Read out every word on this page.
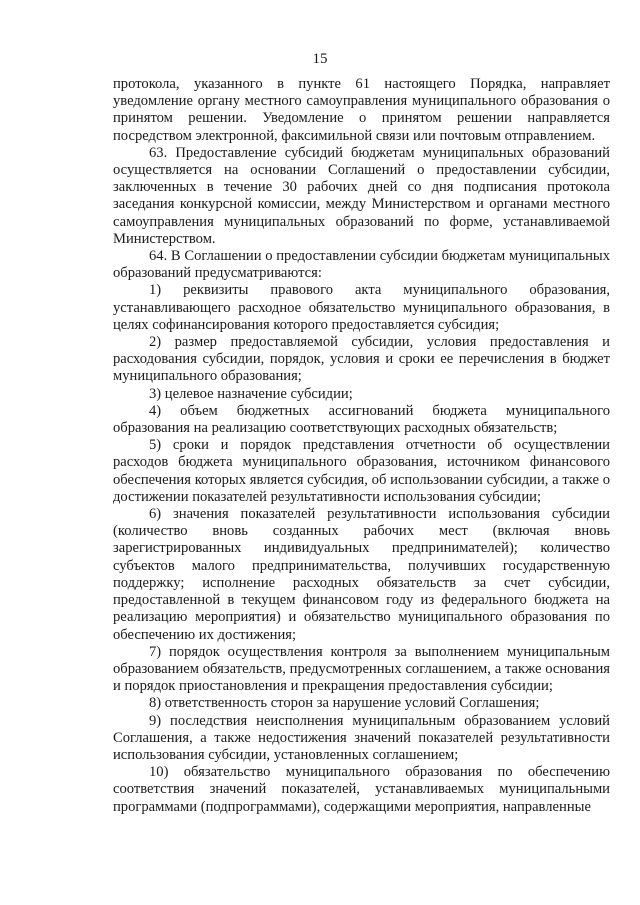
15

протокола, указанного в пункте 61 настоящего Порядка, направляет уведомление органу местного самоуправления муниципального образования о принятом решении. Уведомление о принятом решении направляется посредством электронной, факсимильной связи или почтовым отправлением.

63. Предоставление субсидий бюджетам муниципальных образований осуществляется на основании Соглашений о предоставлении субсидии, заключенных в течение 30 рабочих дней со дня подписания протокола заседания конкурсной комиссии, между Министерством и органами местного самоуправления муниципальных образований по форме, устанавливаемой Министерством.

64. В Соглашении о предоставлении субсидии бюджетам муниципальных образований предусматриваются:

1) реквизиты правового акта муниципального образования, устанавливающего расходное обязательство муниципального образования, в целях софинансирования которого предоставляется субсидия;

2) размер предоставляемой субсидии, условия предоставления и расходования субсидии, порядок, условия и сроки ее перечисления в бюджет муниципального образования;

3) целевое назначение субсидии;

4) объем бюджетных ассигнований бюджета муниципального образования на реализацию соответствующих расходных обязательств;

5) сроки и порядок представления отчетности об осуществлении расходов бюджета муниципального образования, источником финансового обеспечения которых является субсидия, об использовании субсидии, а также о достижении показателей результативности использования субсидии;

6) значения показателей результативности использования субсидии (количество вновь созданных рабочих мест (включая вновь зарегистрированных индивидуальных предпринимателей); количество субъектов малого предпринимательства, получивших государственную поддержку; исполнение расходных обязательств за счет субсидии, предоставленной в текущем финансовом году из федерального бюджета на реализацию мероприятия) и обязательство муниципального образования по обеспечению их достижения;

7) порядок осуществления контроля за выполнением муниципальным образованием обязательств, предусмотренных соглашением, а также основания и порядок приостановления и прекращения предоставления субсидии;

8) ответственность сторон за нарушение условий Соглашения;

9) последствия неисполнения муниципальным образованием условий Соглашения, а также недостижения значений показателей результативности использования субсидии, установленных соглашением;

10) обязательство муниципального образования по обеспечению соответствия значений показателей, устанавливаемых муниципальными программами (подпрограммами), содержащими мероприятия, направленные
